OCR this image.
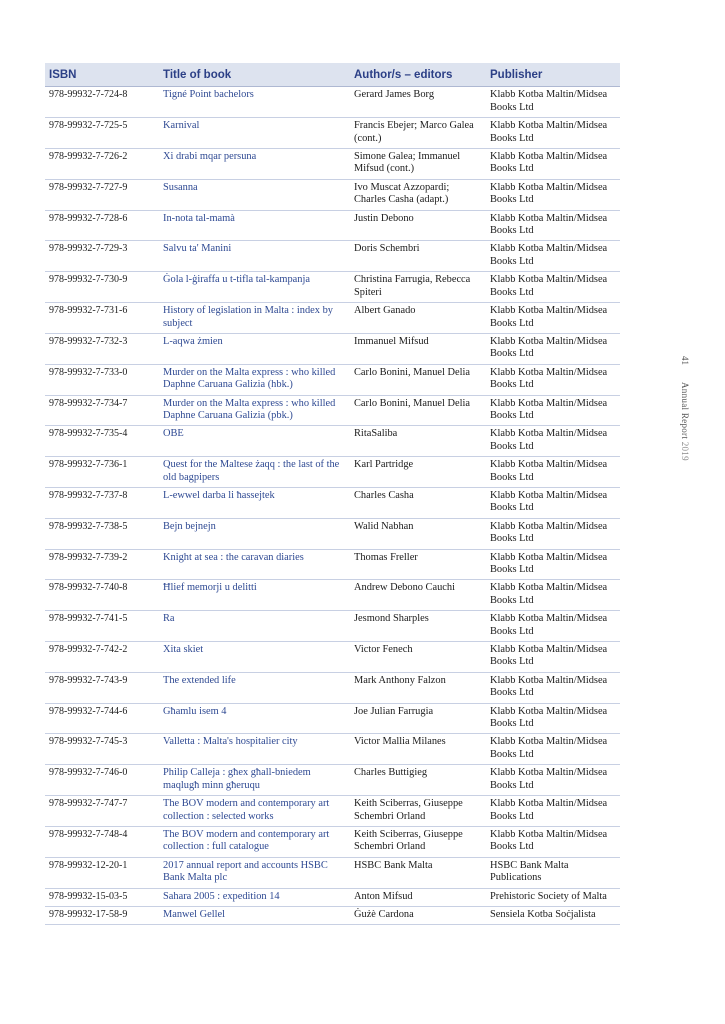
ISBN	Title of book	Author/s – editors	Publisher
978-99932-7-724-8	Tigné Point bachelors	Gerard James Borg	Klabb Kotba Maltin/Midsea Books Ltd
978-99932-7-725-5	Karnival	Francis Ebejer; Marco Galea (cont.)	Klabb Kotba Maltin/Midsea Books Ltd
978-99932-7-726-2	Xi drabi mqar persuna	Simone Galea; Immanuel Mifsud (cont.)	Klabb Kotba Maltin/Midsea Books Ltd
978-99932-7-727-9	Susanna	Ivo Muscat Azzopardi; Charles Casha (adapt.)	Klabb Kotba Maltin/Midsea Books Ltd
978-99932-7-728-6	In-nota tal-mamà	Justin Debono	Klabb Kotba Maltin/Midsea Books Ltd
978-99932-7-729-3	Salvu ta' Manini	Doris Schembri	Klabb Kotba Maltin/Midsea Books Ltd
978-99932-7-730-9	Ġola l-ġiraffa u t-tifla tal-kampanja	Christina Farrugia, Rebecca Spiteri	Klabb Kotba Maltin/Midsea Books Ltd
978-99932-7-731-6	History of legislation in Malta : index by subject	Albert Ganado	Klabb Kotba Maltin/Midsea Books Ltd
978-99932-7-732-3	L-aqwa żmien	Immanuel Mifsud	Klabb Kotba Maltin/Midsea Books Ltd
978-99932-7-733-0	Murder on the Malta express : who killed Daphne Caruana Galizia (hbk.)	Carlo Bonini, Manuel Delia	Klabb Kotba Maltin/Midsea Books Ltd
978-99932-7-734-7	Murder on the Malta express : who killed Daphne Caruana Galizia (pbk.)	Carlo Bonini, Manuel Delia	Klabb Kotba Maltin/Midsea Books Ltd
978-99932-7-735-4	OBE	RitaSaliba	Klabb Kotba Maltin/Midsea Books Ltd
978-99932-7-736-1	Quest for the Maltese żaqq : the last of the old bagpipers	Karl Partridge	Klabb Kotba Maltin/Midsea Books Ltd
978-99932-7-737-8	L-ewwel darba li ħassejtek	Charles Casha	Klabb Kotba Maltin/Midsea Books Ltd
978-99932-7-738-5	Bejn bejnejn	Walid Nabhan	Klabb Kotba Maltin/Midsea Books Ltd
978-99932-7-739-2	Knight at sea : the caravan diaries	Thomas Freller	Klabb Kotba Maltin/Midsea Books Ltd
978-99932-7-740-8	Ħlief memorji u delitti	Andrew Debono Cauchi	Klabb Kotba Maltin/Midsea Books Ltd
978-99932-7-741-5	Ra	Jesmond Sharples	Klabb Kotba Maltin/Midsea Books Ltd
978-99932-7-742-2	Xita skiet	Victor Fenech	Klabb Kotba Maltin/Midsea Books Ltd
978-99932-7-743-9	The extended life	Mark Anthony Falzon	Klabb Kotba Maltin/Midsea Books Ltd
978-99932-7-744-6	Għamlu isem 4	Joe Julian Farrugia	Klabb Kotba Maltin/Midsea Books Ltd
978-99932-7-745-3	Valletta : Malta's hospitalier city	Victor Mallia Milanes	Klabb Kotba Maltin/Midsea Books Ltd
978-99932-7-746-0	Philip Calleja : għex għall-bniedem maqlugħ minn għeruqu	Charles Buttigieg	Klabb Kotba Maltin/Midsea Books Ltd
978-99932-7-747-7	The BOV modern and contemporary art collection : selected works	Keith Sciberras, Giuseppe Schembri Orland	Klabb Kotba Maltin/Midsea Books Ltd
978-99932-7-748-4	The BOV modern and contemporary art collection : full catalogue	Keith Sciberras, Giuseppe Schembri Orland	Klabb Kotba Maltin/Midsea Books Ltd
978-99932-12-20-1	2017 annual report and accounts HSBC Bank Malta plc	HSBC Bank Malta	HSBC Bank Malta Publications
978-99932-15-03-5	Sahara 2005 : expedition 14	Anton Mifsud	Prehistoric Society of Malta
978-99932-17-58-9	Manwel Gellel	Ġużè Cardona	Sensiela Kotba Soċjalista
41
Annual Report 2019
